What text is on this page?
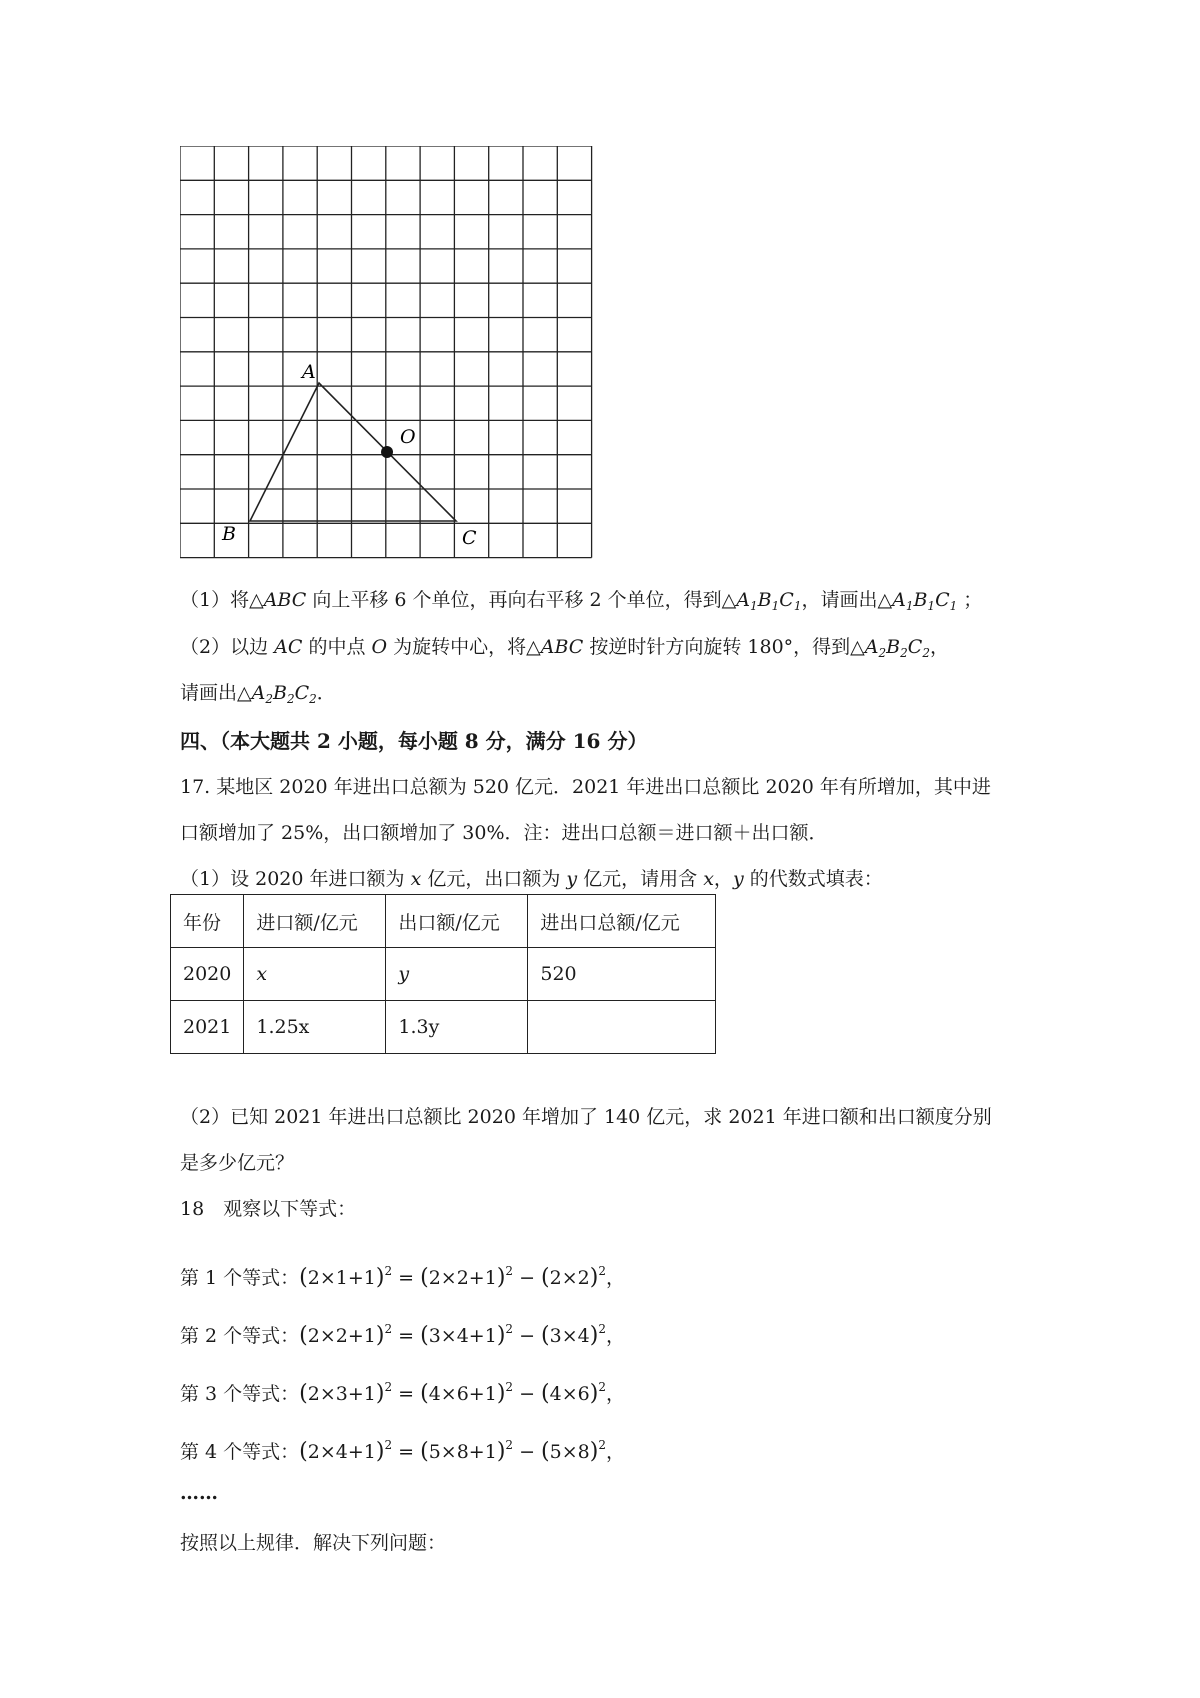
A
B	C
O
（1）将△ABC 向上平移 6 个单位，再向右平移 2 个单位，得到$\triangle A_1B_1C_1$，请画出$\triangle A_1B_1C_1$ ；
（2）以边 AC 的中点 O 为旋转中心，将△ABC 按逆时针方向旋转 180°，得到$\triangle A_2B_2C_2$，
请画出$\triangle A_2B_2C_2$．
四、（本大题共 2 小题，每小题 8 分，满分 16 分）
17. 某地区 2020 年进出口总额为 520 亿元．2021 年进出口总额比 2020 年有所增加，其中进
口额增加了 25%，出口额增加了 30%．注：进出口总额＝进口额＋出口额．
（1）设 2020 年进口额为 x 亿元，出口额为 y 亿元，请用含 x，y 的代数式填表：
年份	进口额/亿元	出口额/亿元	进出口总额/亿元
2020	x	y	520
2021	1.25x	1.3y	
（2）已知 2021 年进出口总额比 2020 年增加了 140 亿元，求 2021 年进口额和出口额度分别
是多少亿元？
18　观察以下等式：
第 1 个等式：$(2\times 1+1)^2 = (2\times 2+1)^2 - (2\times 2)^2$，
第 2 个等式：$(2\times 2+1)^2 = (3\times 4+1)^2 - (3\times 4)^2$，
第 3 个等式：$(2\times 3+1)^2 = (4\times 6+1)^2 - (4\times 6)^2$，
第 4 个等式：$(2\times 4+1)^2 = (5\times 8+1)^2 - (5\times 8)^2$，
……
按照以上规律．解决下列问题：
